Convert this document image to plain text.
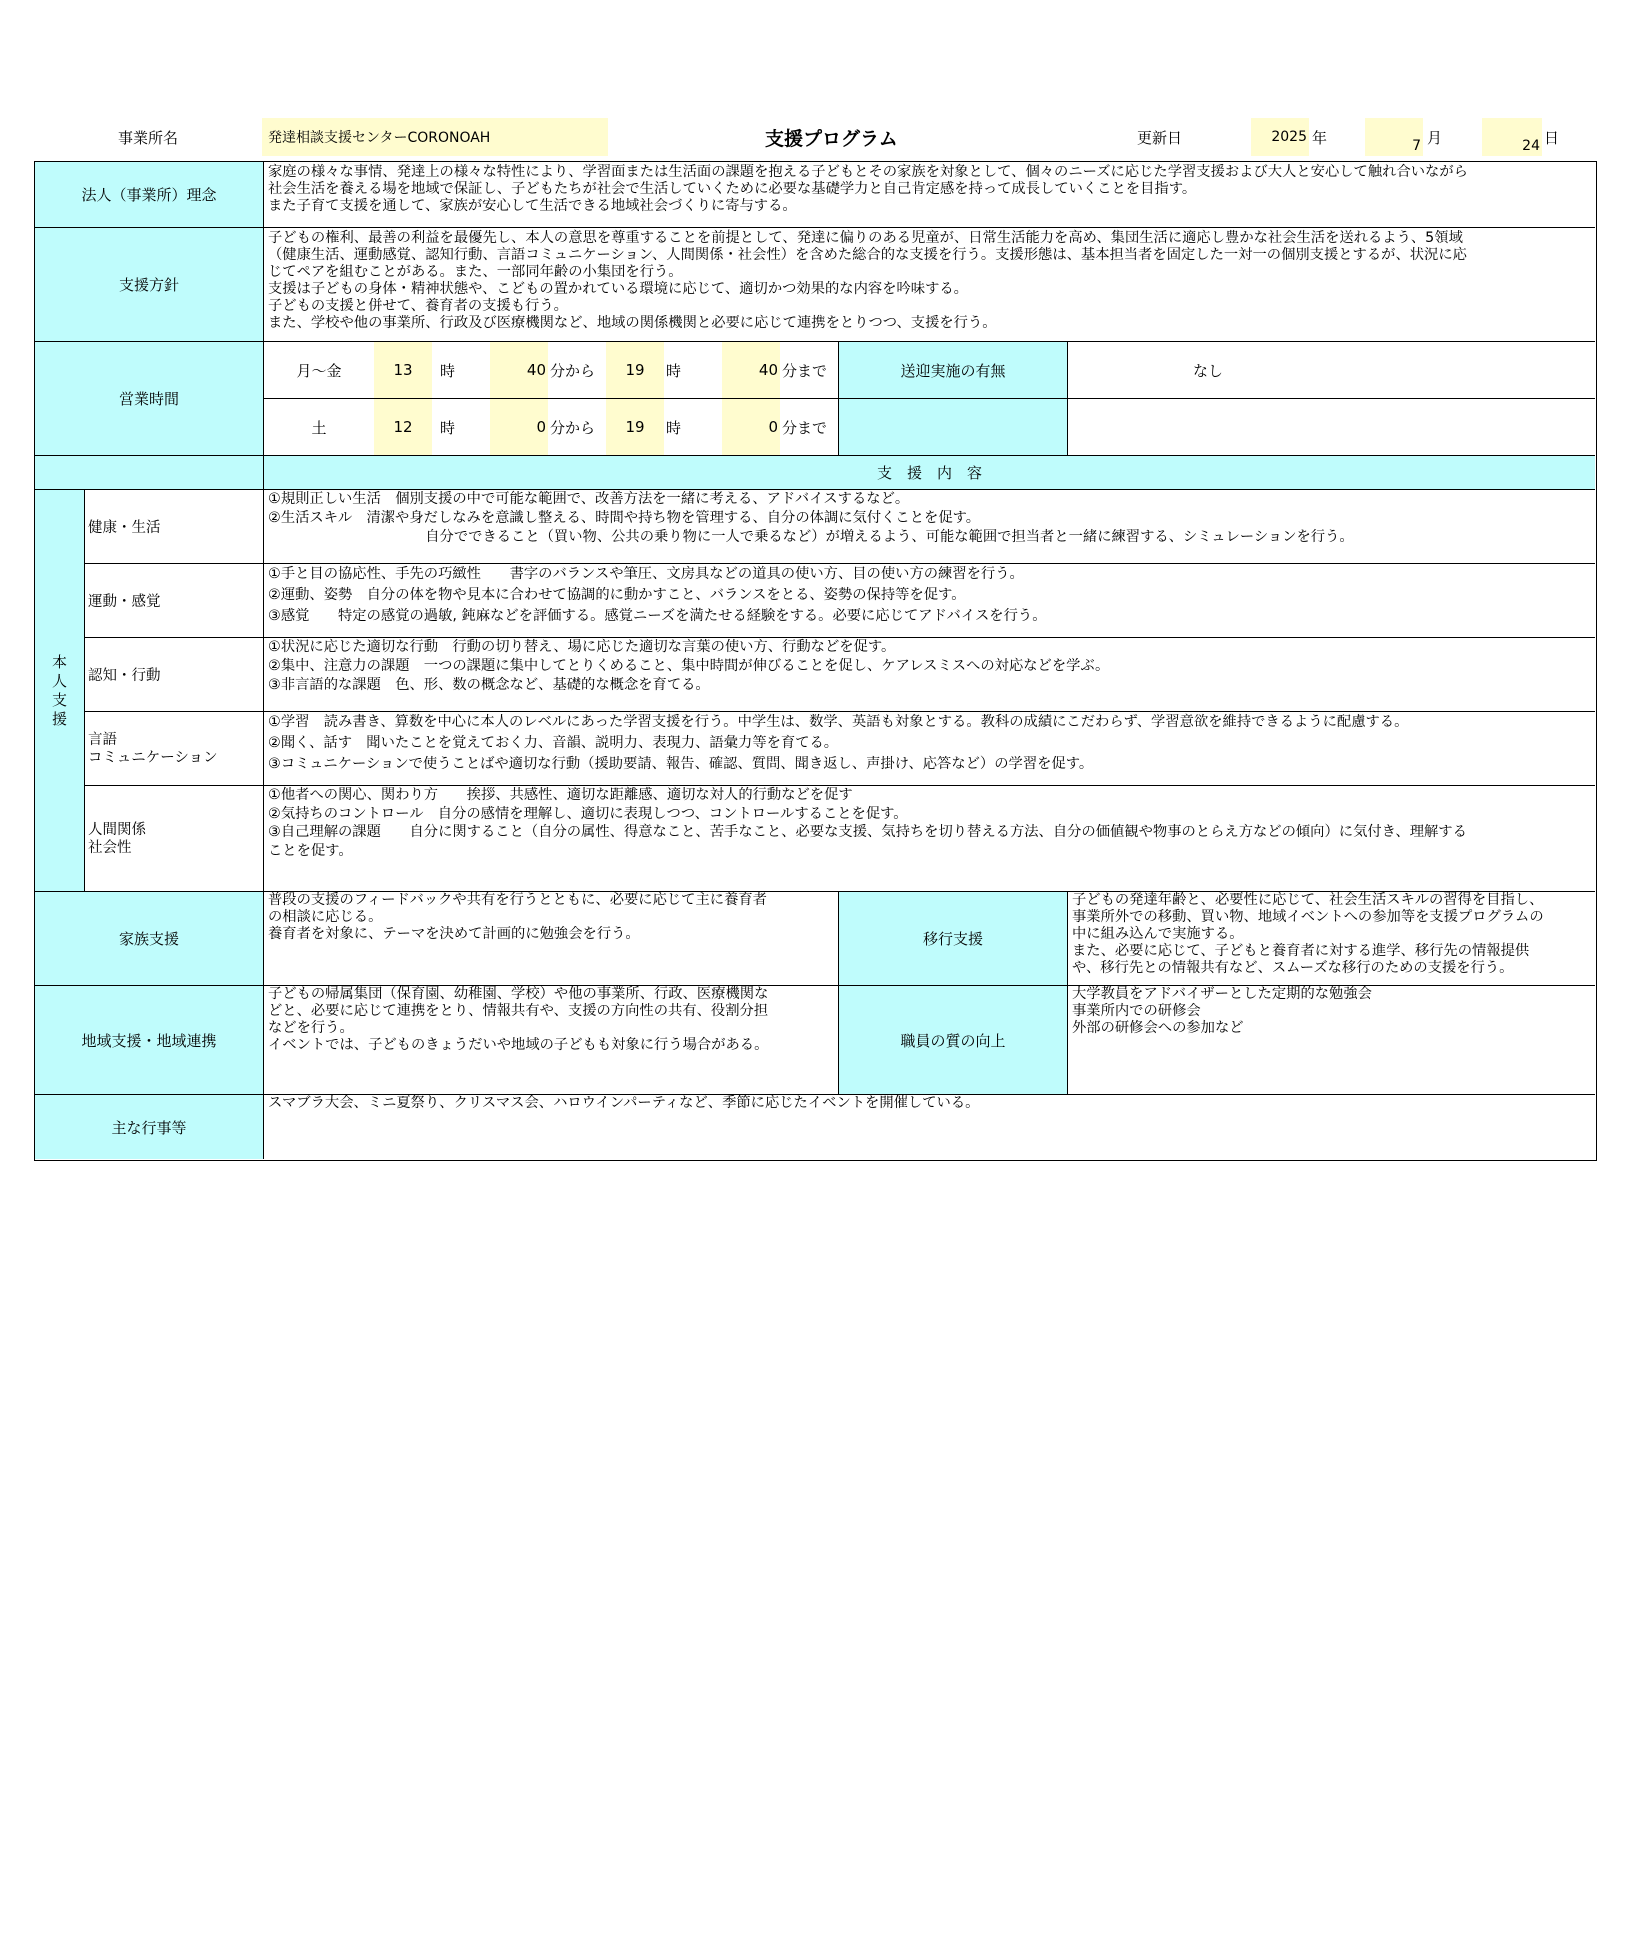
事業所名	発達相談支援センターCORONOAH	支援プログラム	更新日	2025 年	7 月	24 日
法人（事業所）理念
家庭の様々な事情、発達上の様々な特性により、学習面または生活面の課題を抱える子どもとその家族を対象として、個々のニーズに応じた学習支援および大人と安心して触れ合いながら
社会生活を養える場を地域で保証し、子どもたちが社会で生活していくために必要な基礎学力と自己肯定感を持って成長していくことを目指す。
また子育て支援を通して、家族が安心して生活できる地域社会づくりに寄与する。
支援方針
子どもの権利、最善の利益を最優先し、本人の意思を尊重することを前提として、発達に偏りのある児童が、日常生活能力を高め、集団生活に適応し豊かな社会生活を送れるよう、5領域
（健康生活、運動感覚、認知行動、言語コミュニケーション、人間関係・社会性）を含めた総合的な支援を行う。支援形態は、基本担当者を固定した一対一の個別支援とするが、状況に応
じてペアを組むことがある。また、一部同年齢の小集団を行う。
支援は子どもの身体・精神状態や、こどもの置かれている環境に応じて、適切かつ効果的な内容を吟味する。
子どもの支援と併せて、養育者の支援も行う。
また、学校や他の事業所、行政及び医療機関など、地域の関係機関と必要に応じて連携をとりつつ、支援を行う。
営業時間
月～金	13	時	40 分から	19	時	40 分まで	送迎実施の有無	なし
土	12	時	0 分から	19	時	0 分まで
支　援　内　容
本
人
支
援
健康・生活
①規則正しい生活　個別支援の中で可能な範囲で、改善方法を一緒に考える、アドバイスするなど。
②生活スキル　清潔や身だしなみを意識し整える、時間や持ち物を管理する、自分の体調に気付くことを促す。
　　　　　　　　　　　自分でできること（買い物、公共の乗り物に一人で乗るなど）が増えるよう、可能な範囲で担当者と一緒に練習する、シミュレーションを行う。
運動・感覚
①手と目の協応性、手先の巧緻性　　書字のバランスや筆圧、文房具などの道具の使い方、目の使い方の練習を行う。
②運動、姿勢　自分の体を物や見本に合わせて協調的に動かすこと、バランスをとる、姿勢の保持等を促す。
③感覚　　特定の感覚の過敏, 鈍麻などを評価する。感覚ニーズを満たせる経験をする。必要に応じてアドバイスを行う。
認知・行動
①状況に応じた適切な行動　行動の切り替え、場に応じた適切な言葉の使い方、行動などを促す。
②集中、注意力の課題　一つの課題に集中してとりくめること、集中時間が伸びることを促し、ケアレスミスへの対応などを学ぶ。
③非言語的な課題　色、形、数の概念など、基礎的な概念を育てる。
言語
コミュニケーション
①学習　読み書き、算数を中心に本人のレベルにあった学習支援を行う。中学生は、数学、英語も対象とする。教科の成績にこだわらず、学習意欲を維持できるように配慮する。
②聞く、話す　聞いたことを覚えておく力、音韻、説明力、表現力、語彙力等を育てる。
③コミュニケーションで使うことばや適切な行動（援助要請、報告、確認、質問、聞き返し、声掛け、応答など）の学習を促す。
人間関係
社会性
①他者への関心、関わり方　　挨拶、共感性、適切な距離感、適切な対人的行動などを促す
②気持ちのコントロール　自分の感情を理解し、適切に表現しつつ、コントロールすることを促す。
③自己理解の課題　　自分に関すること（自分の属性、得意なこと、苦手なこと、必要な支援、気持ちを切り替える方法、自分の価値観や物事のとらえ方などの傾向）に気付き、理解する
ことを促す。
家族支援
普段の支援のフィードバックや共有を行うとともに、必要に応じて主に養育者
の相談に応じる。
養育者を対象に、テーマを決めて計画的に勉強会を行う。	移行支援
子どもの発達年齢と、必要性に応じて、社会生活スキルの習得を目指し、
事業所外での移動、買い物、地域イベントへの参加等を支援プログラムの
中に組み込んで実施する。
また、必要に応じて、子どもと養育者に対する進学、移行先の情報提供
や、移行先との情報共有など、スムーズな移行のための支援を行う。
地域支援・地域連携
子どもの帰属集団（保育園、幼稚園、学校）や他の事業所、行政、医療機関な
どと、必要に応じて連携をとり、情報共有や、支援の方向性の共有、役割分担
などを行う。
イベントでは、子どものきょうだいや地域の子どもも対象に行う場合がある。	職員の質の向上
大学教員をアドバイザーとした定期的な勉強会
事業所内での研修会
外部の研修会への参加など
主な行事等
スマブラ大会、ミニ夏祭り、クリスマス会、ハロウインパーティなど、季節に応じたイベントを開催している。
